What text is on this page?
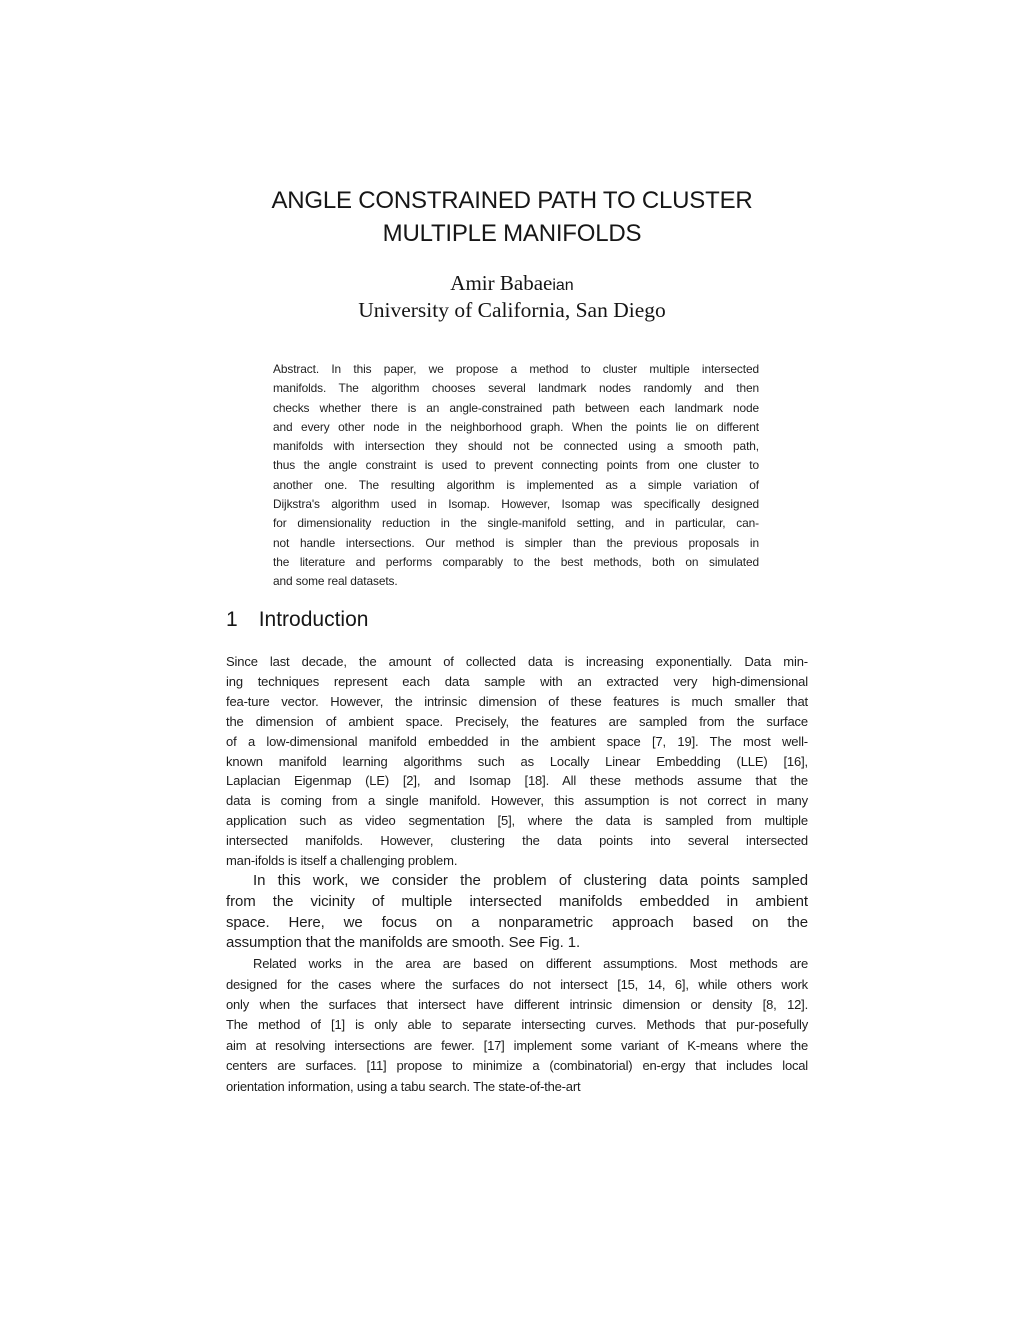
ANGLE CONSTRAINED PATH TO CLUSTER
MULTIPLE MANIFOLDS
Amir Babaeian
University of California, San Diego
Abstract. In this paper, we propose a method to cluster multiple intersected
manifolds. The algorithm chooses several landmark nodes randomly and then
checks whether there is an angle-constrained path between each landmark node
and every other node in the neighborhood graph. When the points lie on different
manifolds with intersection they should not be connected using a smooth path,
thus the angle constraint is used to prevent connecting points from one cluster to
another one. The resulting algorithm is implemented as a simple variation of
Dijkstra's algorithm used in Isomap. However, Isomap was specifically designed
for dimensionality reduction in the single-manifold setting, and in particular, can-
not handle intersections. Our method is simpler than the previous proposals in
the literature and performs comparably to the best methods, both on simulated
and some real datasets.
1 Introduction
Since last decade, the amount of collected data is increasing exponentially. Data min-
ing techniques represent each data sample with an extracted very high-dimensional
fea-ture vector. However, the intrinsic dimension of these features is much smaller that
the dimension of ambient space. Precisely, the features are sampled from the surface
of a low-dimensional manifold embedded in the ambient space [7, 19]. The most well-
known manifold learning algorithms such as Locally Linear Embedding (LLE) [16],
Laplacian Eigenmap (LE) [2], and Isomap [18]. All these methods assume that the
data is coming from a single manifold. However, this assumption is not correct in many
application such as video segmentation [5], where the data is sampled from multiple
intersected manifolds. However, clustering the data points into several intersected
man-ifolds is itself a challenging problem.
In this work, we consider the problem of clustering data points sampled
from the vicinity of multiple intersected manifolds embedded in ambient
space. Here, we focus on a nonparametric approach based on the
assumption that the manifolds are smooth. See Fig. 1.
Related works in the area are based on different assumptions. Most methods are
designed for the cases where the surfaces do not intersect [15, 14, 6], while others work
only when the surfaces that intersect have different intrinsic dimension or density [8, 12].
The method of [1] is only able to separate intersecting curves. Methods that pur-posefully
aim at resolving intersections are fewer. [17] implement some variant of K-means where the
centers are surfaces. [11] propose to minimize a (combinatorial) en-ergy that includes local
orientation information, using a tabu search. The state-of-the-art
